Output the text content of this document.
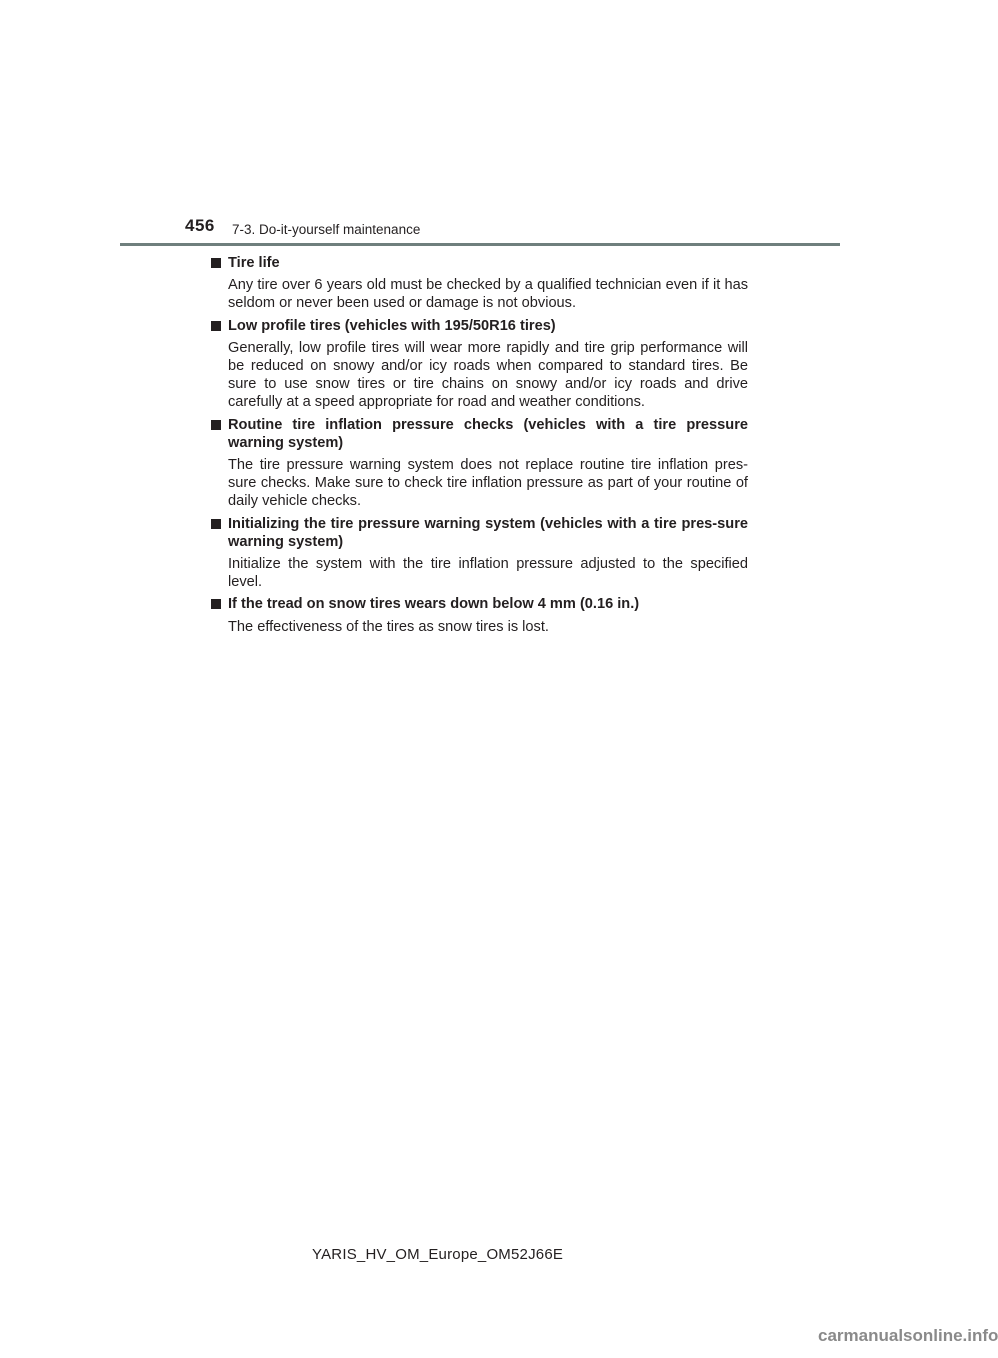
456 7-3. Do-it-yourself maintenance
Tire life
Any tire over 6 years old must be checked by a qualified technician even if it has seldom or never been used or damage is not obvious.
Low profile tires (vehicles with 195/50R16 tires)
Generally, low profile tires will wear more rapidly and tire grip performance will be reduced on snowy and/or icy roads when compared to standard tires. Be sure to use snow tires or tire chains on snowy and/or icy roads and drive carefully at a speed appropriate for road and weather conditions.
Routine tire inflation pressure checks (vehicles with a tire pressure warning system)
The tire pressure warning system does not replace routine tire inflation pres-sure checks. Make sure to check tire inflation pressure as part of your routine of daily vehicle checks.
Initializing the tire pressure warning system (vehicles with a tire pres-sure warning system)
Initialize the system with the tire inflation pressure adjusted to the specified level.
If the tread on snow tires wears down below 4 mm (0.16 in.)
The effectiveness of the tires as snow tires is lost.
YARIS_HV_OM_Europe_OM52J66E
carmanualsonline.info
